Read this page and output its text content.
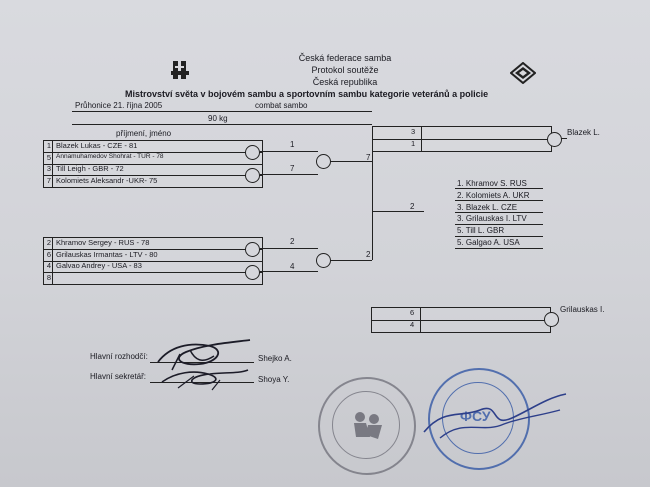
Česká federace samba
Protokol soutěže
Česká republika
Mistrovství světa v bojovém sambu a sportovním sambu kategorie veteránů a policie
Průhonice 21. října 2005	combat sambo
90 kg
příjmení, jméno
1 Blazek Lukas - CZE - 81
5 Annamuhamedov Shohrat - TUR - 78
3 Till Leigh - GBR - 72
7 Kolomiets Aleksandr -UKR- 75
1
7
7
2 Khramov Sergey - RUS - 78
6 Grilauskas Irmantas - LTV - 80
4 Galvao Andrey - USA - 83
8
2
4
2
2
3
1
Blazek L.
1. Khramov S. RUS
2. Kolomiets A. UKR
3. Blazek L. CZE
3. Grilauskas I. LTV
5. Till L. GBR
5. Galgao A. USA
6
4
Grilauskas I.
Hlavní rozhodčí:	Shejko A.
Hlavní sekretář:	Shoya Y.
ФСУ
